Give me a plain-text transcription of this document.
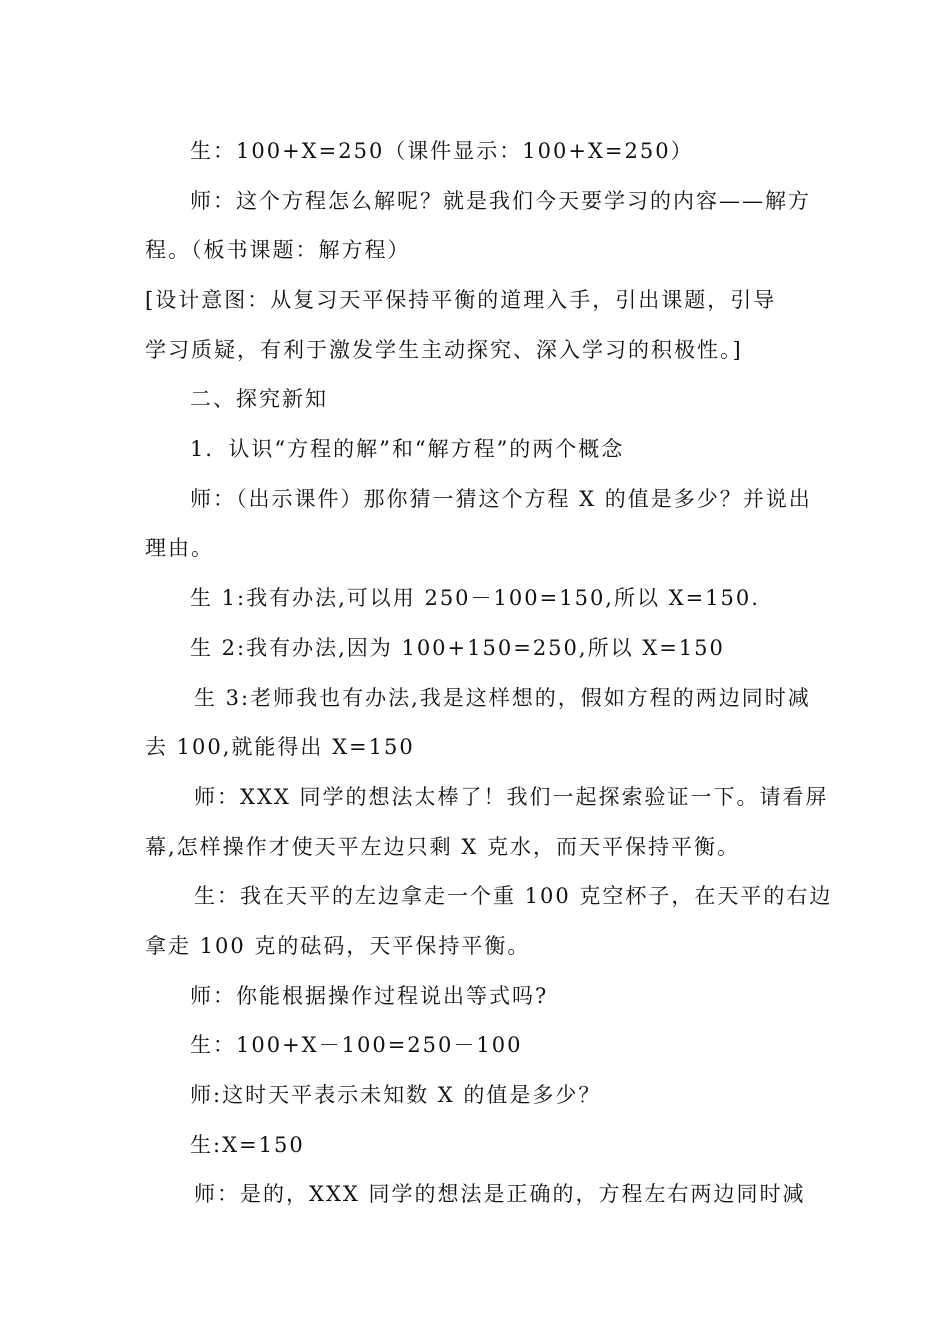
生：100+X=250（课件显示：100+X=250）
师：这个方程怎么解呢？就是我们今天要学习的内容——解方
程。（板书课题：解方程）
[设计意图：从复习天平保持平衡的道理入手，引出课题，引导
学习质疑，有利于激发学生主动探究、深入学习的积极性。]
二、探究新知
1．认识“方程的解”和“解方程”的两个概念
师：（出示课件）那你猜一猜这个方程 X 的值是多少？并说出
理由。
生 1:我有办法,可以用 250－100=150,所以 X=150.
生 2:我有办法,因为 100+150=250,所以 X=150
生 3:老师我也有办法,我是这样想的，假如方程的两边同时减
去 100,就能得出 X=150
师：XXX 同学的想法太棒了！我们一起探索验证一下。请看屏
幕,怎样操作才使天平左边只剩 X 克水，而天平保持平衡。
生：我在天平的左边拿走一个重 100 克空杯子，在天平的右边
拿走 100 克的砝码，天平保持平衡。
师：你能根据操作过程说出等式吗?
生：100+X－100=250－100
师:这时天平表示未知数 X 的值是多少？
生:X=150
师：是的，XXX 同学的想法是正确的，方程左右两边同时减
